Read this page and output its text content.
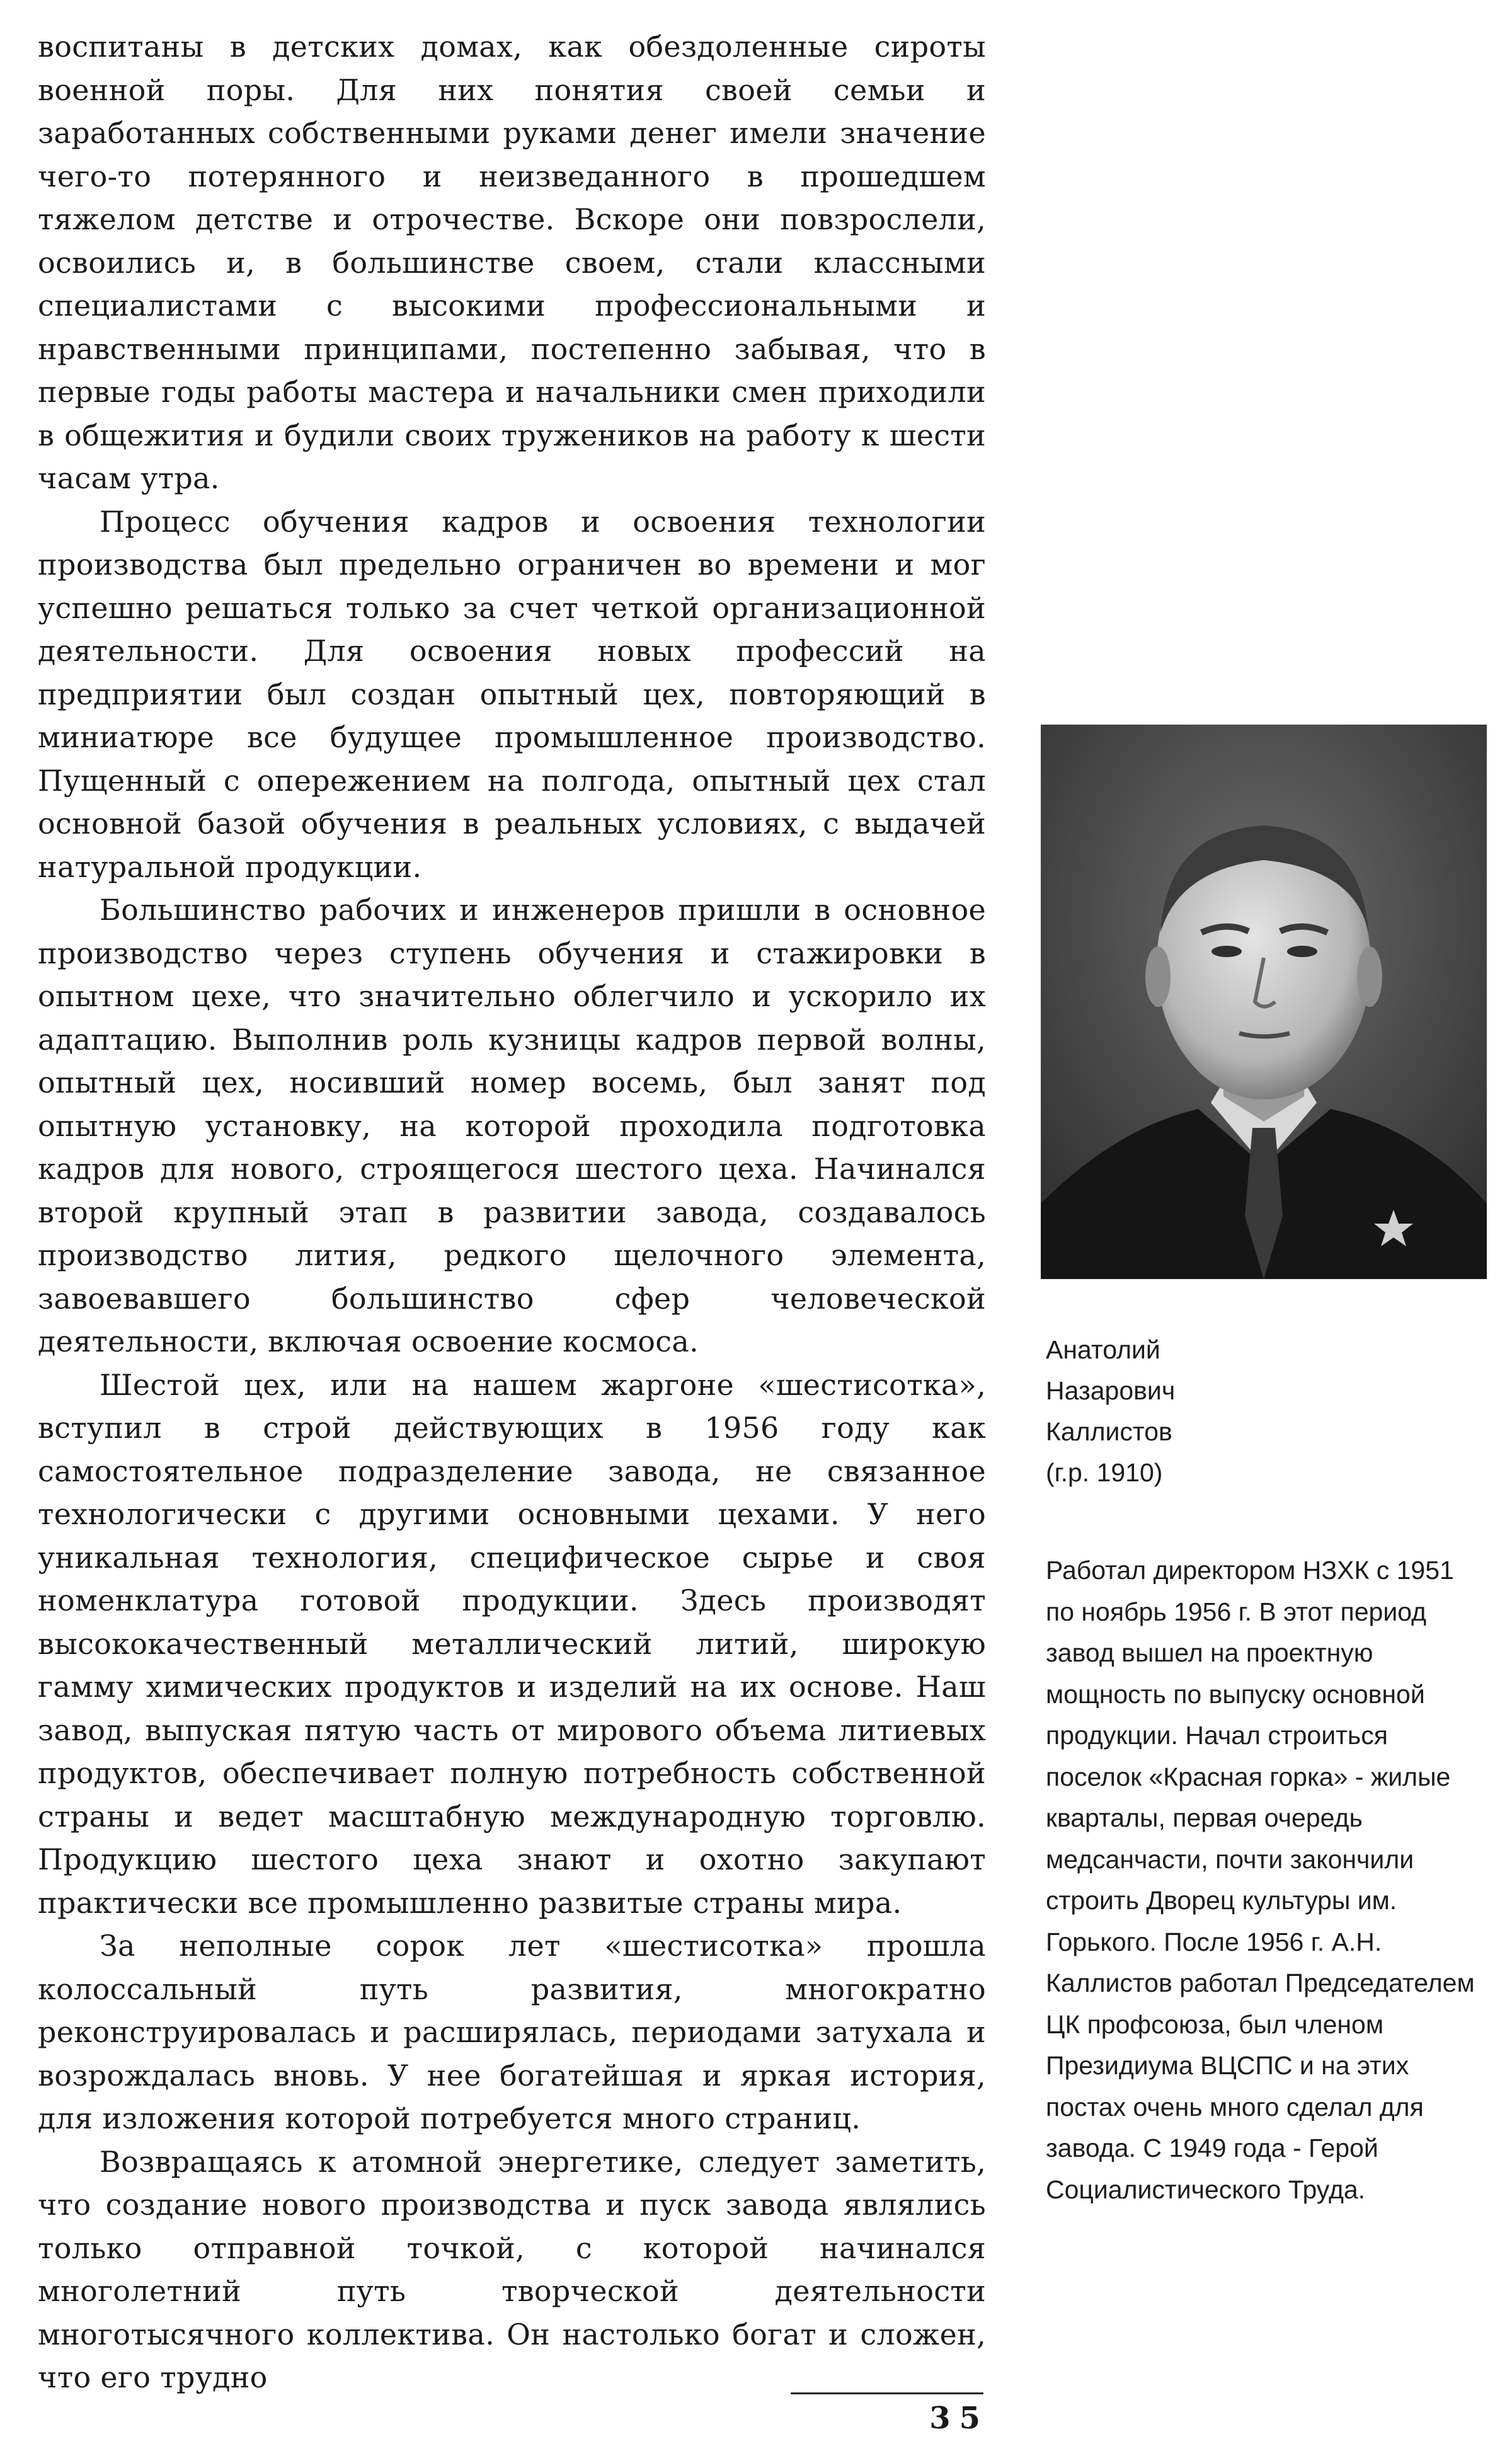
воспитаны в детских домах, как обездоленные сироты военной поры. Для них понятия своей семьи и заработанных собственными руками денег имели значение чего-то потерянного и неизведанного в прошедшем тяжелом детстве и отрочестве. Вскоре они повзрослели, освоились и, в большинстве своем, стали классными специалистами с высокими профессиональными и нравственными принципами, постепенно забывая, что в первые годы работы мастера и начальники смен приходили в общежития и будили своих тружеников на работу к шести часам утра.

Процесс обучения кадров и освоения технологии производства был предельно ограничен во времени и мог успешно решаться только за счет четкой организационной деятельности. Для освоения новых профессий на предприятии был создан опытный цех, повторяющий в миниатюре все будущее промышленное производство. Пущенный с опережением на полгода, опытный цех стал основной базой обучения в реальных условиях, с выдачей натуральной продукции.

Большинство рабочих и инженеров пришли в основное производство через ступень обучения и стажировки в опытном цехе, что значительно облегчило и ускорило их адаптацию. Выполнив роль кузницы кадров первой волны, опытный цех, носивший номер восемь, был занят под опытную установку, на которой проходила подготовка кадров для нового, строящегося шестого цеха. Начинался второй крупный этап в развитии завода, создавалось производство лития, редкого щелочного элемента, завоевавшего большинство сфер человеческой деятельности, включая освоение космоса.

Шестой цех, или на нашем жаргоне «шестисотка», вступил в строй действующих в 1956 году как самостоятельное подразделение завода, не связанное технологически с другими основными цехами. У него уникальная технология, специфическое сырье и своя номенклатура готовой продукции. Здесь производят высококачественный металлический литий, широкую гамму химических продуктов и изделий на их основе. Наш завод, выпуская пятую часть от мирового объема литиевых продуктов, обеспечивает полную потребность собственной страны и ведет масштабную международную торговлю. Продукцию шестого цеха знают и охотно закупают практически все промышленно развитые страны мира.

За неполные сорок лет «шестисотка» прошла колоссальный путь развития, многократно реконструировалась и расширялась, периодами затухала и возрождалась вновь. У нее богатейшая и яркая история, для изложения которой потребуется много страниц.

Возвращаясь к атомной энергетике, следует заметить, что создание нового производства и пуск завода являлись только отправной точкой, с которой начинался многолетний путь творческой деятельности многотысячного коллектива. Он настолько богат и сложен, что его трудно

Анатолий
Назарович
Каллистов
(г.р. 1910)
Работал директором НЗХК с 1951 по ноябрь 1956 г. В этот период завод вышел на проектную мощность по выпуску основной продукции. Начал строиться поселок «Красная горка» - жилые кварталы, первая очередь медсанчасти, почти закончили строить Дворец культуры им. Горького. После 1956 г. А.Н. Каллистов работал Председателем ЦК профсоюза, был членом Президиума ВЦСПС и на этих постах очень много сделал для завода. С 1949 года - Герой Социалистического Труда.
35
